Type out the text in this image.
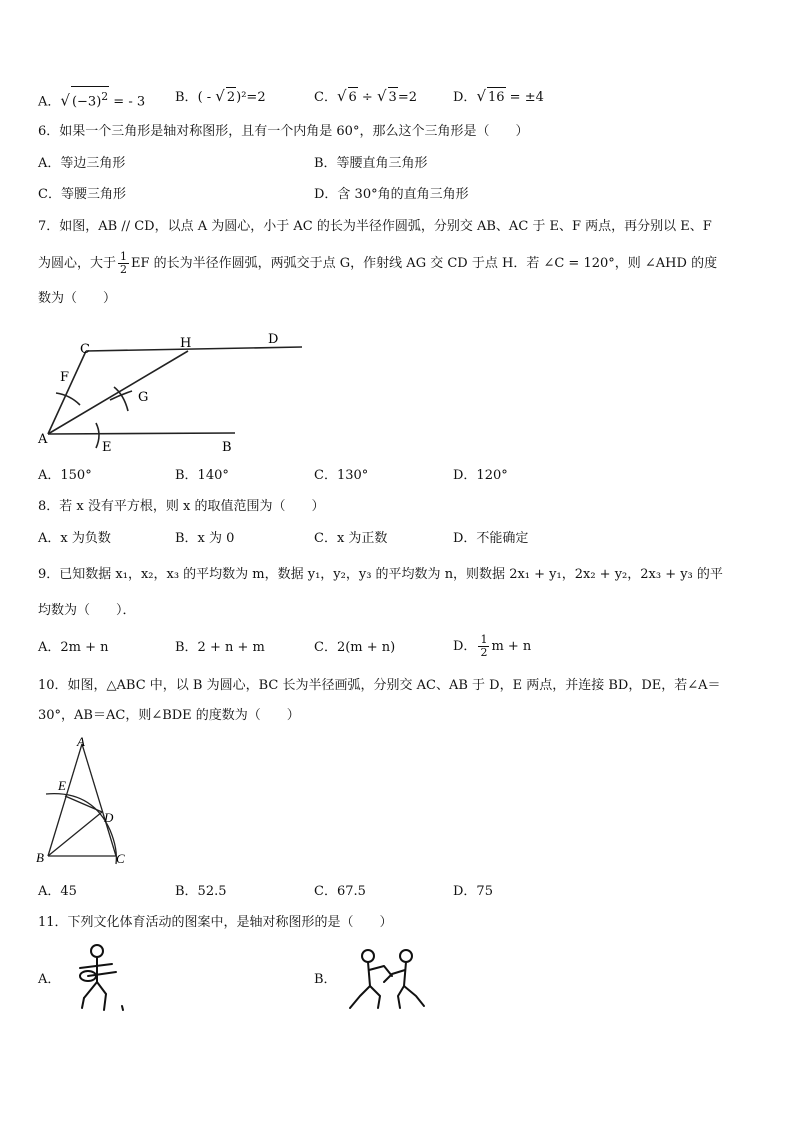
A．√ $(-3)^2$ = - 3 B．( - √ 2)²=2	C．√ 6 ÷ √ 3=2	D．√ 16 = ±4
6．如果一个三角形是轴对称图形，且有一个内角是 60°，那么这个三角形是（　　）
A．等边三角形	B．等腰直角三角形
C．等腰三角形	D．含 30°角的直角三角形
7．如图，AB // CD，以点 A 为圆心，小于 AC 的长为半径作圆弧，分别交 AB、AC 于 E、F 两点，再分别以 E、F
为圆心，大于 $\frac{1}{2}$ EF 的长为半径作圆弧，两弧交于点 G，作射线 AG 交 CD 于点 H．若 ∠C = 120°，则 ∠AHD 的度
数为（　　）
C	H	D
F
G
A
E	B
A．150°	B．140°	C．130°	D．120°
8．若 x 没有平方根，则 x 的取值范围为（　　）
A．x 为负数	B．x 为 0	C．x 为正数	D．不能确定
9．已知数据 x₁，x₂，x₃ 的平均数为 m，数据 y₁，y₂，y₃ 的平均数为 n，则数据 2x₁ + y₁，2x₂ + y₂，2x₃ + y₃ 的平
均数为（　　）．
A．2m + n	B．2 + n + m	C．2(m + n)	D． $\frac{1}{2}$ m + n
10．如图，△ABC 中，以 B 为圆心，BC 长为半径画弧，分别交 AC、AB 于 D，E 两点，并连接 BD，DE，若∠A＝
30°，AB＝AC，则∠BDE 的度数为（　　）
A
E
D
B	C
A．45	B．52.5	C．67.5	D．75
11．下列文化体育活动的图案中，是轴对称图形的是（　　）
A．	B．
